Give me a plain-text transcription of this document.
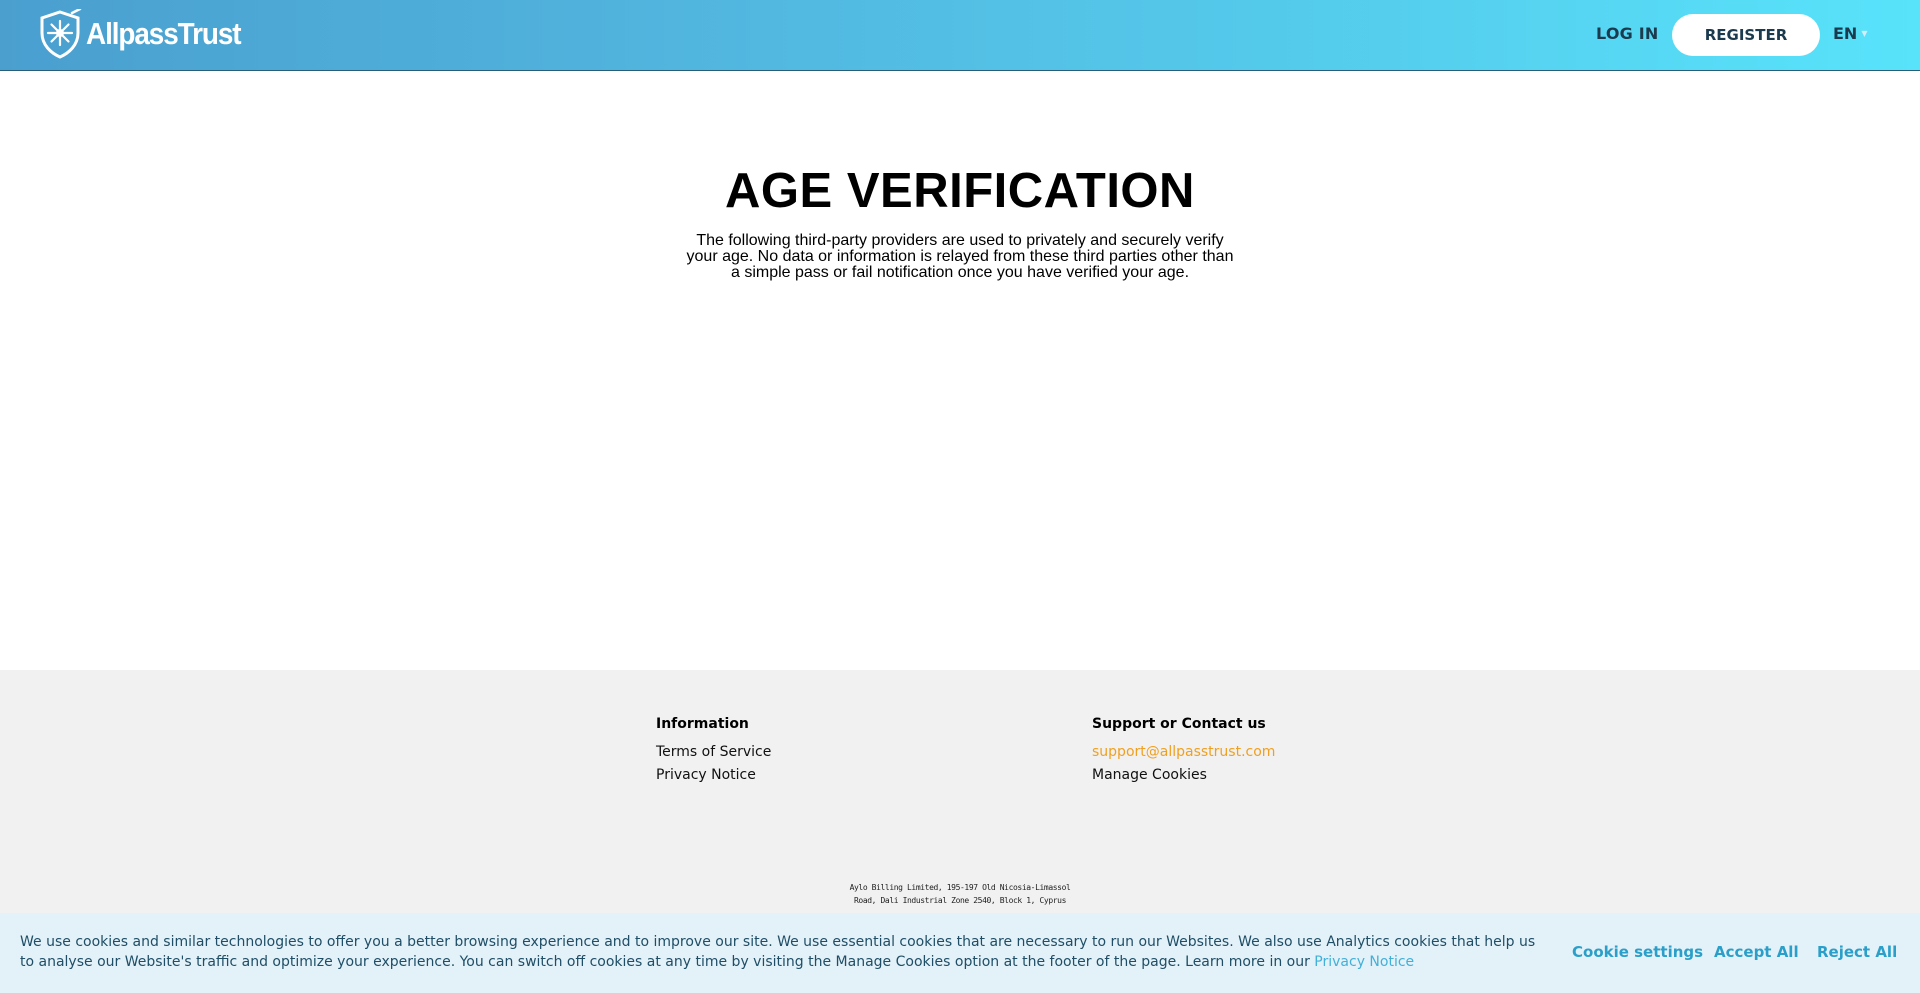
AllpassTrust	LOG IN	REGISTER	EN ▼
AGE VERIFICATION

The following third-party providers are used to privately and securely verify your age. No data or information is relayed from these third parties other than a simple pass or fail notification once you have verified your age.

Information
Terms of Service
Privacy Notice
Support or Contact us
support@allpasstrust.com
Manage Cookies
Aylo Billing Limited, 195-197 Old Nicosia-Limassol
Road, Dali Industrial Zone 2540, Block 1, Cyprus

We use cookies and similar technologies to offer you a better browsing experience and to improve our site. We use essential cookies that are necessary to run our Websites. We also use Analytics cookies that help us to analyse our Website's traffic and optimize your experience. You can switch off cookies at any time by visiting the Manage Cookies option at the footer of the page. Learn more in our Privacy Notice

Cookie settings Accept All Reject All
